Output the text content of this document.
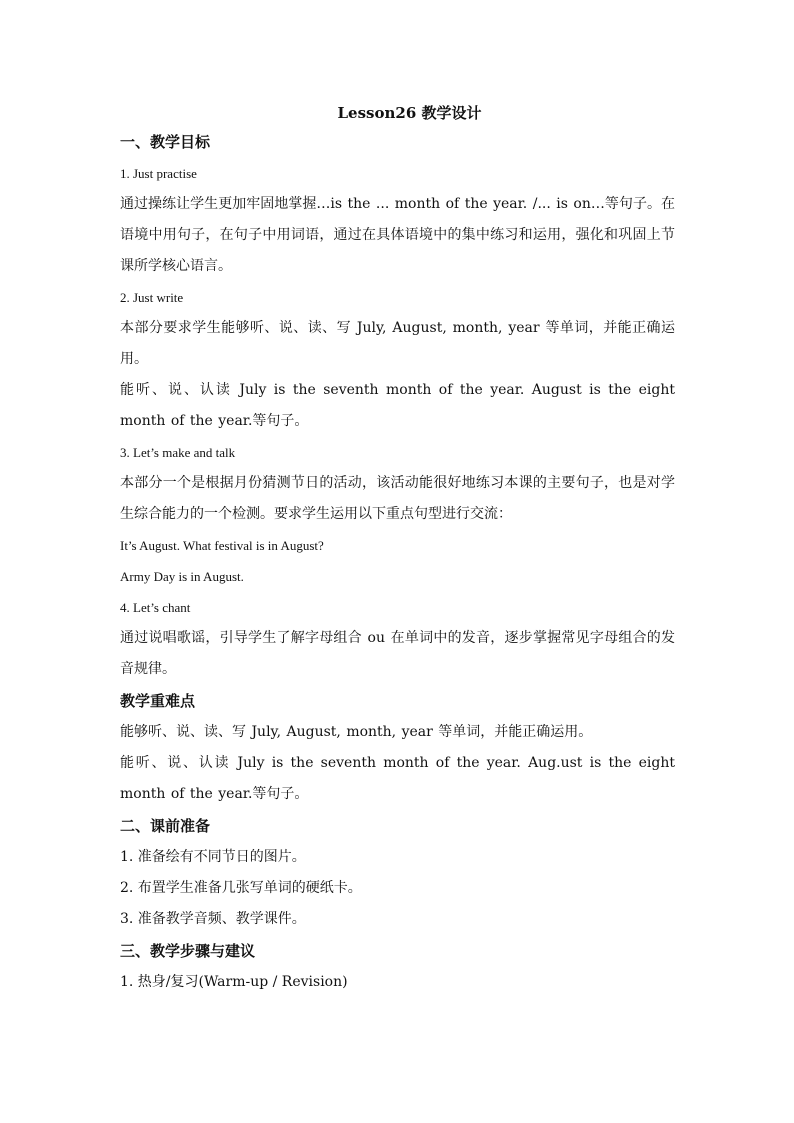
Lesson26 教学设计
一、教学目标
1. Just practise
通过操练让学生更加牢固地掌握…is the ... month of the year. /... is on…等句子。在语境中用句子，在句子中用词语，通过在具体语境中的集中练习和运用，强化和巩固上节课所学核心语言。
2. Just write
本部分要求学生能够听、说、读、写 July, August, month, year 等单词，并能正确运用。
能听、说、认读 July is the seventh month of the year. August is the eight month of the year.等句子。
3. Let’s make and talk
本部分一个是根据月份猜测节日的活动，该活动能很好地练习本课的主要句子，也是对学生综合能力的一个检测。要求学生运用以下重点句型进行交流：
It’s August. What festival is in August?
Army Day is in August.
4. Let’s chant
通过说唱歌谣，引导学生了解字母组合 ou 在单词中的发音，逐步掌握常见字母组合的发音规律。
教学重难点
能够听、说、读、写 July, August, month, year 等单词，并能正确运用。
能听、说、认读 July is the seventh month of the year. Aug.ust is the eight month of the year.等句子。
二、课前准备
1. 准备绘有不同节日的图片。
2. 布置学生准备几张写单词的硬纸卡。
3. 准备教学音频、教学课件。
三、教学步骤与建议
1. 热身/复习(Warm-up / Revision)
